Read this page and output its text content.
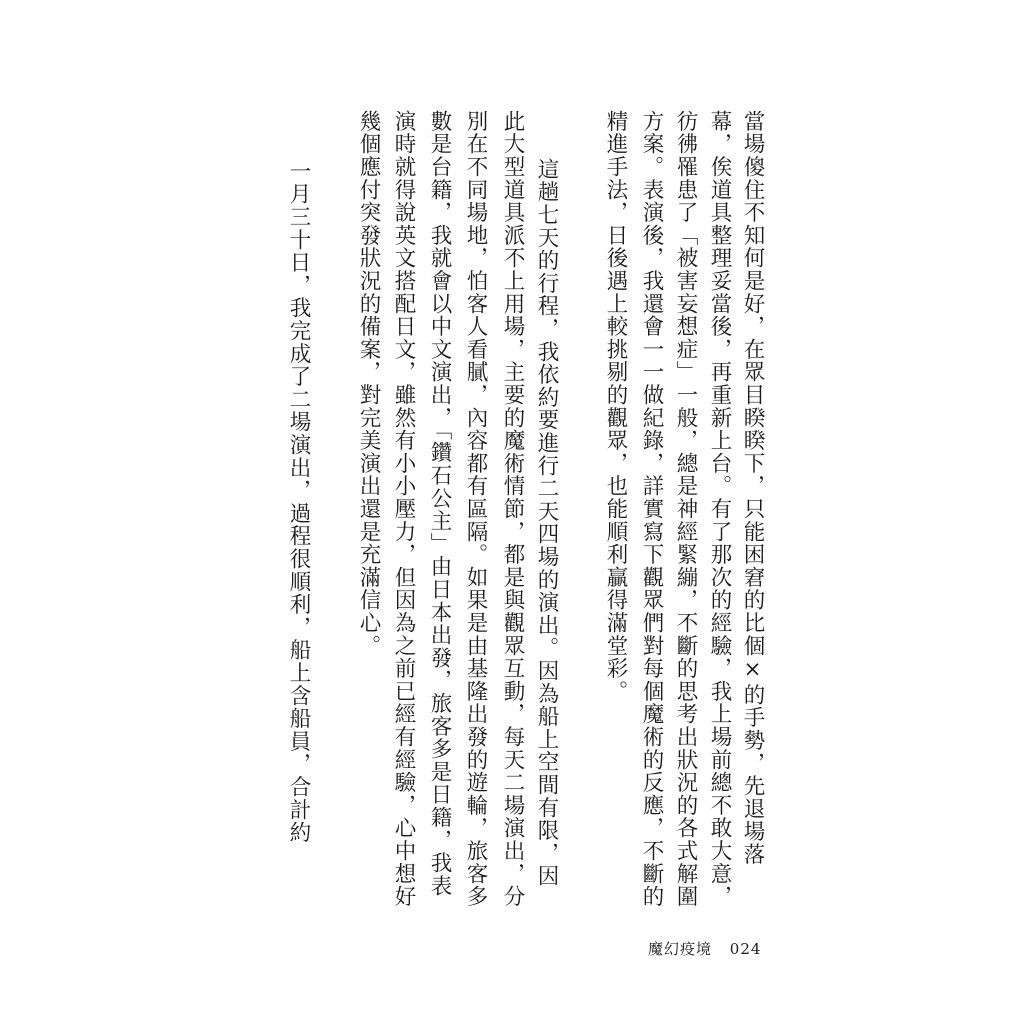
當場傻住不知何是好，在眾目睽睽下，只能困窘的比個×的手勢，先退場落
幕，俟道具整理妥當後，再重新上台。有了那次的經驗，我上場前總不敢大意，
彷彿罹患了「被害妄想症」一般，總是神經緊繃，不斷的思考出狀況的各式解圍
方案。表演後，我還會一一做紀錄，詳實寫下觀眾們對每個魔術的反應，不斷的
精進手法，日後遇上較挑剔的觀眾，也能順利贏得滿堂彩。
這趟七天的行程，我依約要進行二天四場的演出。因為船上空間有限，因
此大型道具派不上用場，主要的魔術情節，都是與觀眾互動，每天二場演出，分
別在不同場地，怕客人看膩，內容都有區隔。如果是由基隆出發的遊輪，旅客多
數是台籍，我就會以中文演出，「鑽石公主」由日本出發，旅客多是日籍，我表
演時就得說英文搭配日文，雖然有小小壓力，但因為之前已經有經驗，心中想好
幾個應付突發狀況的備案，對完美演出還是充滿信心。
一月三十日，我完成了二場演出，過程很順利，船上含船員，合計約
魔幻疫境 024
